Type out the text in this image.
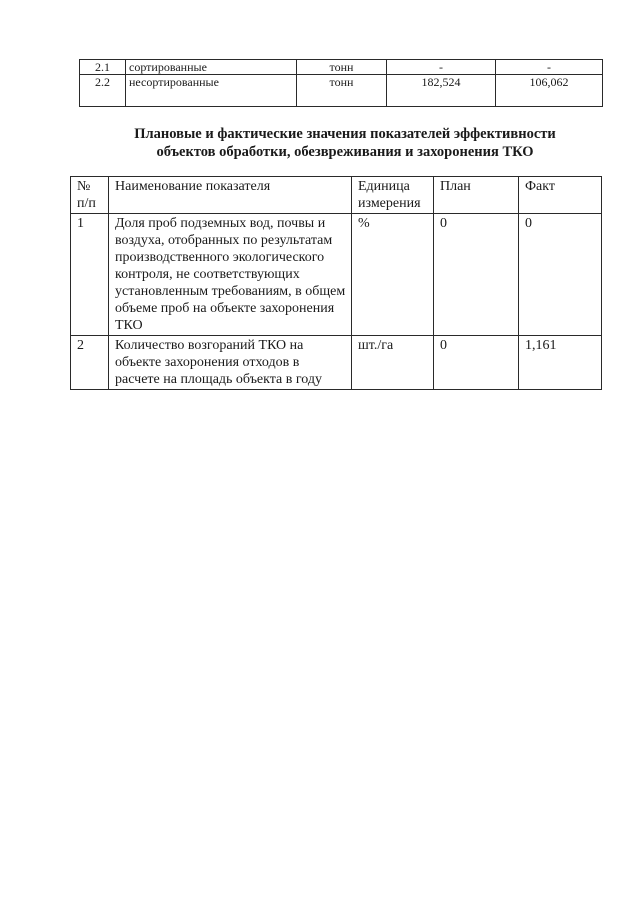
2.1	сортированные	тонн	-	-
2.2	несортированные	тонн	182,524	106,062
Плановые и фактические значения показателей эффективности
объектов обработки, обезвреживания и захоронения ТКО
№ п/п	Наименование показателя	Единица измерения	План	Факт
1	Доля проб подземных вод, почвы и воздуха, отобранных по результатам производственного экологического контроля, не соответствующих установленным требованиям, в общем объеме проб на объекте захоронения ТКО	%	0	0
2	Количество возгораний ТКО на объекте захоронения отходов в расчете на площадь объекта в году	шт./га	0	1,161
